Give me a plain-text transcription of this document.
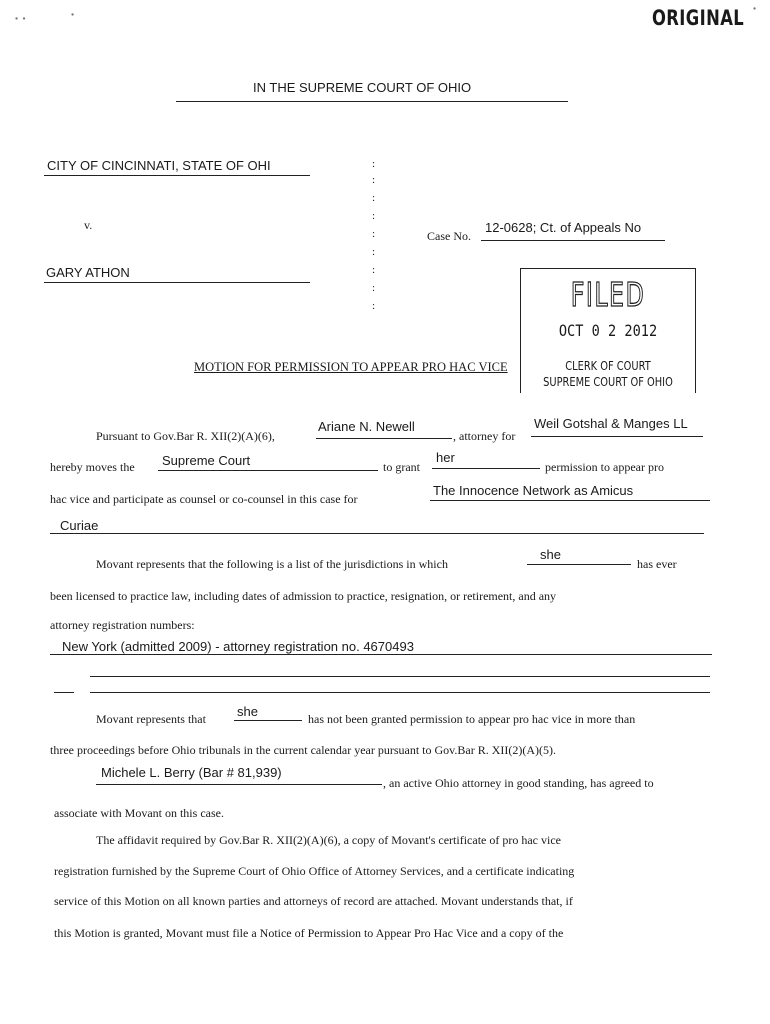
∙ ∙	∙
∙
ORIGINAL
IN THE SUPREME COURT OF OHIO
CITY OF CINCINNATI, STATE OF OHI
v.
GARY ATHON
:
:
:
:
:
:
:
:
:
Case No.
12-0628; Ct. of Appeals No
FILED
OCT 0 2 2012
CLERK OF COURT
SUPREME COURT OF OHIO
MOTION FOR PERMISSION TO APPEAR PRO HAC VICE
Pursuant to Gov.Bar R. XII(2)(A)(6),
Ariane N. Newell
, attorney for
Weil Gotshal & Manges LL
hereby moves the Supreme Court	to grant
her
permission to appear pro
hac vice and participate as counsel or co-counsel in this case for
The Innocence Network as Amicus
Curiae
Movant represents that the following is a list of the jurisdictions in which
she
has ever
been licensed to practice law, including dates of admission to practice, resignation, or retirement, and any
attorney registration numbers:
New York (admitted 2009) - attorney registration no. 4670493
Movant represents that she	has not been granted permission to appear pro hac vice in more than
three proceedings before Ohio tribunals in the current calendar year pursuant to Gov.Bar R. XII(2)(A)(5).
Michele L. Berry (Bar # 81,939)
, an active Ohio attorney in good standing, has agreed to
associate with Movant on this case.
The affidavit required by Gov.Bar R. XII(2)(A)(6), a copy of Movant's certificate of pro hac vice
registration furnished by the Supreme Court of Ohio Office of Attorney Services, and a certificate indicating
service of this Motion on all known parties and attorneys of record are attached. Movant understands that, if
this Motion is granted, Movant must file a Notice of Permission to Appear Pro Hac Vice and a copy of the
